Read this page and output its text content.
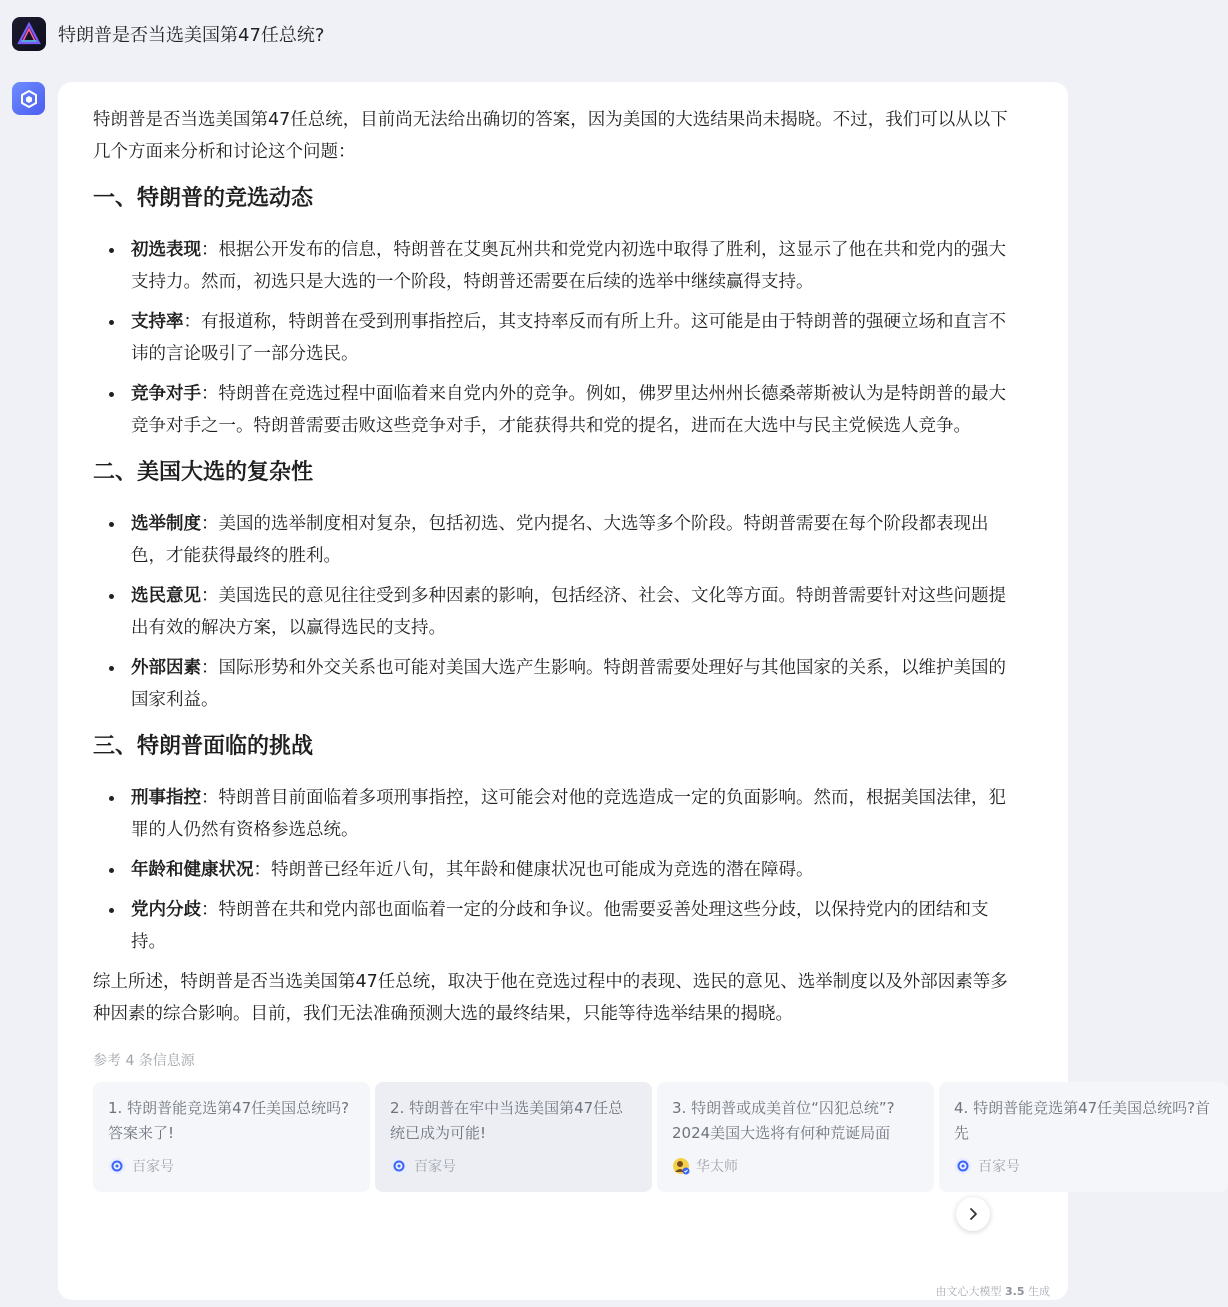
特朗普是否当选美国第47任总统?

特朗普是否当选美国第47任总统，目前尚无法给出确切的答案，因为美国的大选结果尚未揭晓。不过，我们可以从以下几个方面来分析和讨论这个问题：

一、特朗普的竞选动态
初选表现：根据公开发布的信息，特朗普在艾奥瓦州共和党党内初选中取得了胜利，这显示了他在共和党内的强大支持力。然而，初选只是大选的一个阶段，特朗普还需要在后续的选举中继续赢得支持。
支持率：有报道称，特朗普在受到刑事指控后，其支持率反而有所上升。这可能是由于特朗普的强硬立场和直言不讳的言论吸引了一部分选民。
竞争对手：特朗普在竞选过程中面临着来自党内外的竞争。例如，佛罗里达州州长德桑蒂斯被认为是特朗普的最大竞争对手之一。特朗普需要击败这些竞争对手，才能获得共和党的提名，进而在大选中与民主党候选人竞争。
二、美国大选的复杂性
选举制度：美国的选举制度相对复杂，包括初选、党内提名、大选等多个阶段。特朗普需要在每个阶段都表现出色，才能获得最终的胜利。
选民意见：美国选民的意见往往受到多种因素的影响，包括经济、社会、文化等方面。特朗普需要针对这些问题提出有效的解决方案，以赢得选民的支持。
外部因素：国际形势和外交关系也可能对美国大选产生影响。特朗普需要处理好与其他国家的关系，以维护美国的国家利益。
三、特朗普面临的挑战
刑事指控：特朗普目前面临着多项刑事指控，这可能会对他的竞选造成一定的负面影响。然而，根据美国法律，犯罪的人仍然有资格参选总统。
年龄和健康状况：特朗普已经年近八旬，其年龄和健康状况也可能成为竞选的潜在障碍。
党内分歧：特朗普在共和党内部也面临着一定的分歧和争议。他需要妥善处理这些分歧，以保持党内的团结和支持。

综上所述，特朗普是否当选美国第47任总统，取决于他在竞选过程中的表现、选民的意见、选举制度以及外部因素等多种因素的综合影响。目前，我们无法准确预测大选的最终结果，只能等待选举结果的揭晓。

参考 4 条信息源
1. 特朗普能竞选第47任美国总统吗?答案来了!
百家号
2. 特朗普在牢中当选美国第47任总统已成为可能!
百家号
3. 特朗普或成美首位“囚犯总统”?2024美国大选将有何种荒诞局面
华太师
4. 特朗普能竞选第47任美国总统吗?首先
百家号
由文心大模型 3.5 生成
